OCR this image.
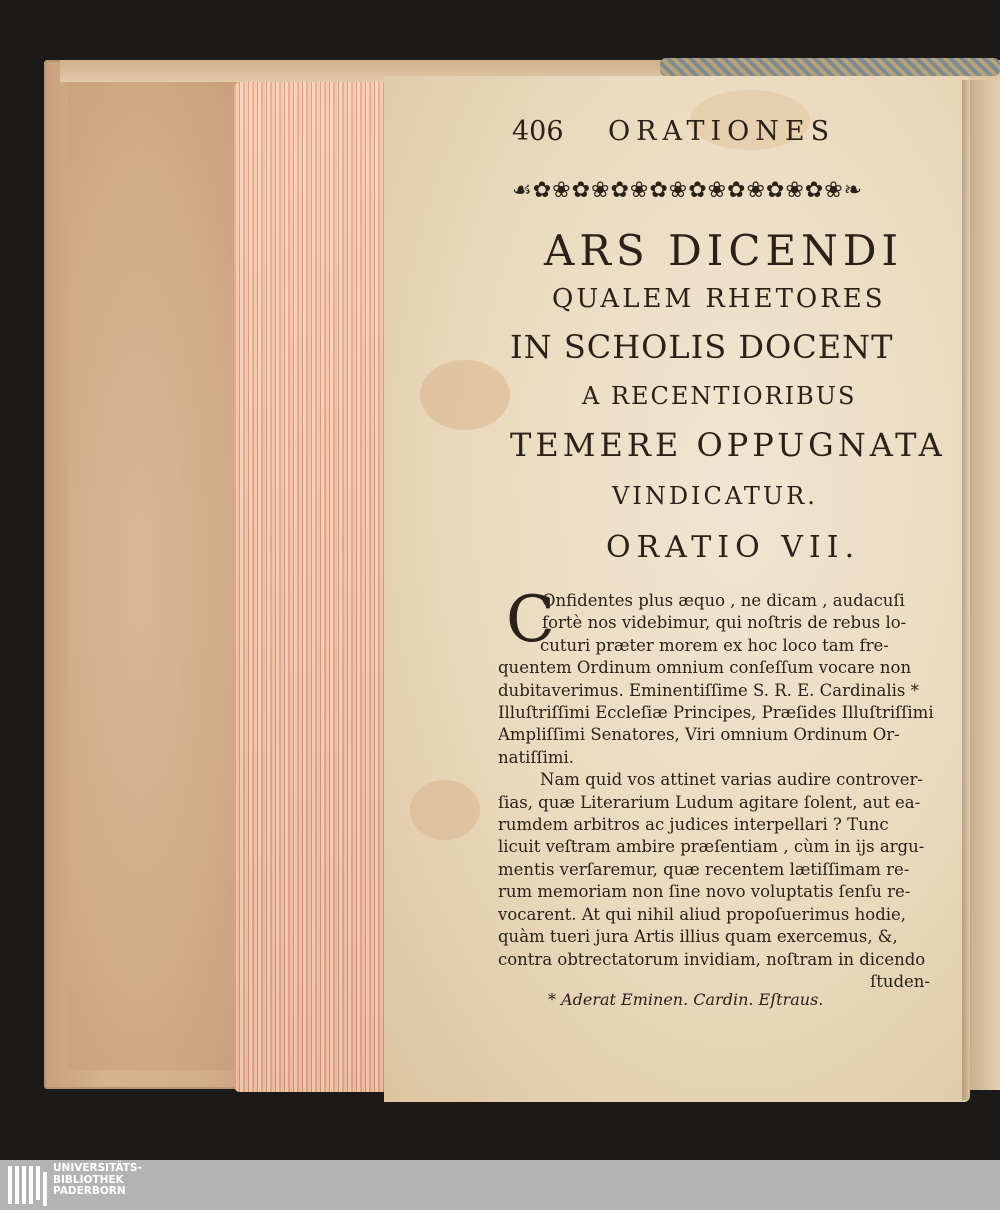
406 ORATIONES
☙✿❀✿❀✿❀✿❀✿❀✿❀✿❀✿❀❧
ARS DICENDI
QUALEM RHETORES
IN SCHOLIS DOCENT
A RECENTIORIBUS
TEMERE OPPUGNATA
VINDICATUR.
ORATIO VII.
C
Onfidentes plus æquo , ne dicam , audacuſi
fortè nos videbimur, qui noſtris de rebus lo-
cuturi præter morem ex hoc loco tam fre-
quentem Ordinum omnium conſeſſum vocare non
dubitaverimus. Eminentiſſime S. R. E. Cardinalis *
Illuſtriſſimi Eccleſiæ Principes, Præſides Illuſtriſſimi
Ampliſſimi Senatores, Viri omnium Ordinum Or-
natiſſimi.
Nam quid vos attinet varias audire controver-
ſias, quæ Literarium Ludum agitare ſolent, aut ea-
rumdem arbitros ac judices interpellari ? Tunc
licuit veſtram ambire præſentiam , cùm in ijs argu-
mentis verſaremur, quæ recentem lætiſſimam re-
rum memoriam non ſine novo voluptatis ſenſu re-
vocarent. At qui nihil aliud propoſuerimus hodie,
quàm tueri jura Artis illius quam exercemus, &,
contra obtrectatorum invidiam, noſtram in dicendo
ſtuden-
* Aderat Eminen. Cardin. Eſtraus.
UNIVERSITÄTS-
BIBLIOTHEK
PADERBORN
